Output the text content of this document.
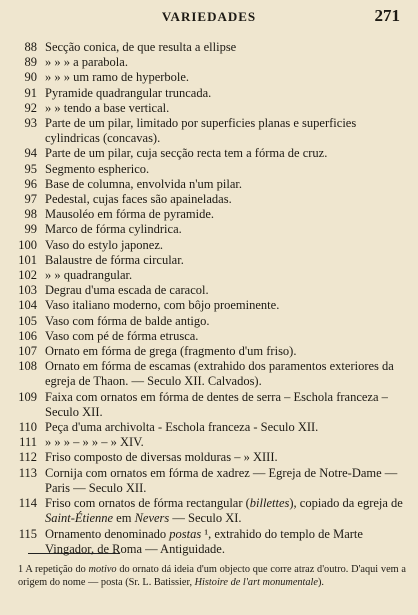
VARIEDADES	271
88 Secção conica, de que resulta a ellipse
89 » » » a parabola.
90 » » » um ramo de hyperbole.
91 Pyramide quadrangular truncada.
92 » » tendo a base vertical.
93 Parte de um pilar, limitado por superficies planas e superficies cylindricas (concavas).
94 Parte de um pilar, cuja secção recta tem a fórma de cruz.
95 Segmento espherico.
96 Base de columna, envolvida n'um pilar.
97 Pedestal, cujas faces são apaineladas.
98 Mausoléo em fórma de pyramide.
99 Marco de fórma cylindrica.
100 Vaso do estylo japonez.
101 Balaustre de fórma circular.
102 » » quadrangular.
103 Degrau d'uma escada de caracol.
104 Vaso italiano moderno, com bôjo proeminente.
105 Vaso com fórma de balde antigo.
106 Vaso com pé de fórma etrusca.
107 Ornato em fórma de grega (fragmento d'um friso).
108 Ornato em fórma de escamas (extrahido dos paramentos exteriores da egreja de Thaon. — Seculo XII. Calvados).
109 Faixa com ornatos em fórma de dentes de serra – Eschola franceza –Seculo XII.
110 Peça d'uma archivolta - Eschola franceza - Seculo XII.
111 » » » – » » – » XIV.
112 Friso composto de diversas molduras – » XIII.
113 Cornija com ornatos em fórma de xadrez — Egreja de Notre-Dame — Paris — Seculo XII.
114 Friso com ornatos de fórma rectangular (billettes), copiado da egreja de Saint-Étienne em Nevers — Seculo XI.
115 Ornamento denominado postas ¹, extrahido do templo de Marte Vingador, de Roma — Antiguidade.
1 A repetição do motivo do ornato dá ideia d'um objecto que corre atraz d'outro. D'aqui vem a origem do nome — posta (Sr. L. Batissier, Histoire de l'art monumentale).
